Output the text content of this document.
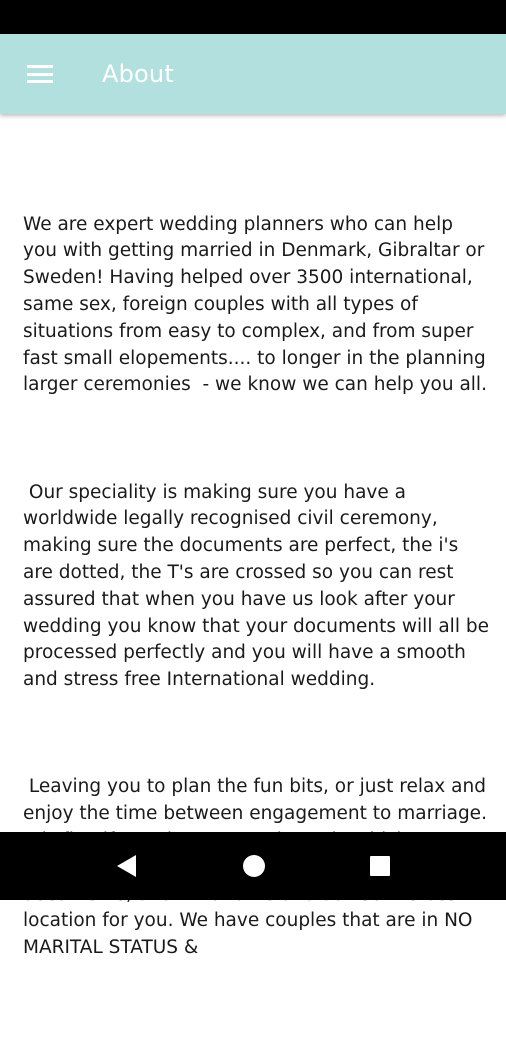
About

We are expert wedding planners who can help you with getting married in Denmark, Gibraltar or Sweden! Having helped over 3500 international, same sex, foreign couples with all types of situations from easy to complex, and from super fast small elopements.... to longer in the planning larger ceremonies  - we know we can help you all.

Our speciality is making sure you have a worldwide legally recognised civil ceremony, making sure the documents are perfect, the i's are dotted, the T's are crossed so you can rest assured that when you have us look after your wedding you know that your documents will all be processed perfectly and you will have a smooth and stress free International wedding.

Leaving you to plan the fun bits, or just relax and enjoy the time between engagement to marriage.                              location for you. We have couples that are in NO MARITAL STATUS &
